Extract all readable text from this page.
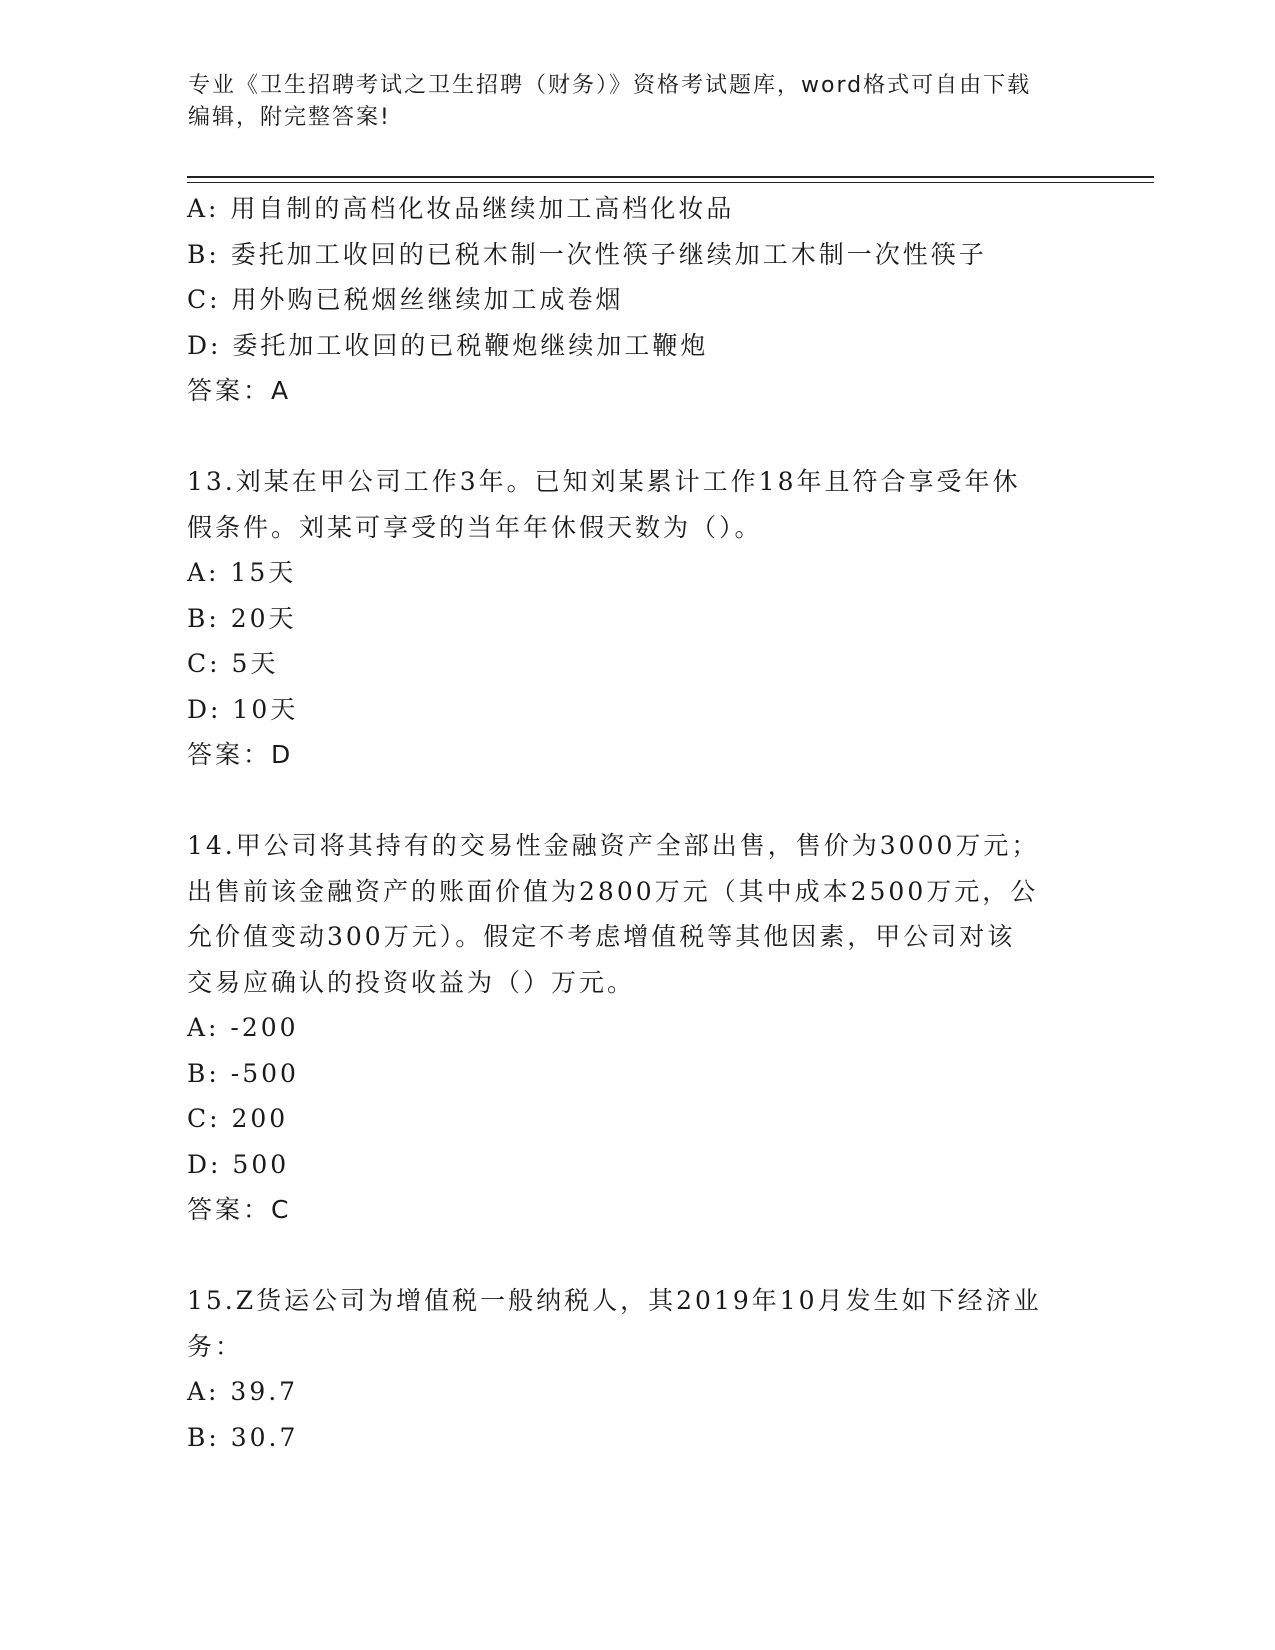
专业《卫生招聘考试之卫生招聘（财务）》资格考试题库，word格式可自由下载
编辑，附完整答案!
A: 用自制的高档化妆品继续加工高档化妆品
B: 委托加工收回的已税木制一次性筷子继续加工木制一次性筷子
C: 用外购已税烟丝继续加工成卷烟
D: 委托加工收回的已税鞭炮继续加工鞭炮
答案：A
13.刘某在甲公司工作3年。已知刘某累计工作18年且符合享受年休
假条件。刘某可享受的当年年休假天数为（）。
A: 15天
B: 20天
C: 5天
D: 10天
答案：D
14.甲公司将其持有的交易性金融资产全部出售，售价为3000万元；
出售前该金融资产的账面价值为2800万元（其中成本2500万元，公
允价值变动300万元）。假定不考虑增值税等其他因素，甲公司对该
交易应确认的投资收益为（）万元。
A: -200
B: -500
C: 200
D: 500
答案：C
15.Z货运公司为增值税一般纳税人，其2019年10月发生如下经济业
务：
A: 39.7
B: 30.7
